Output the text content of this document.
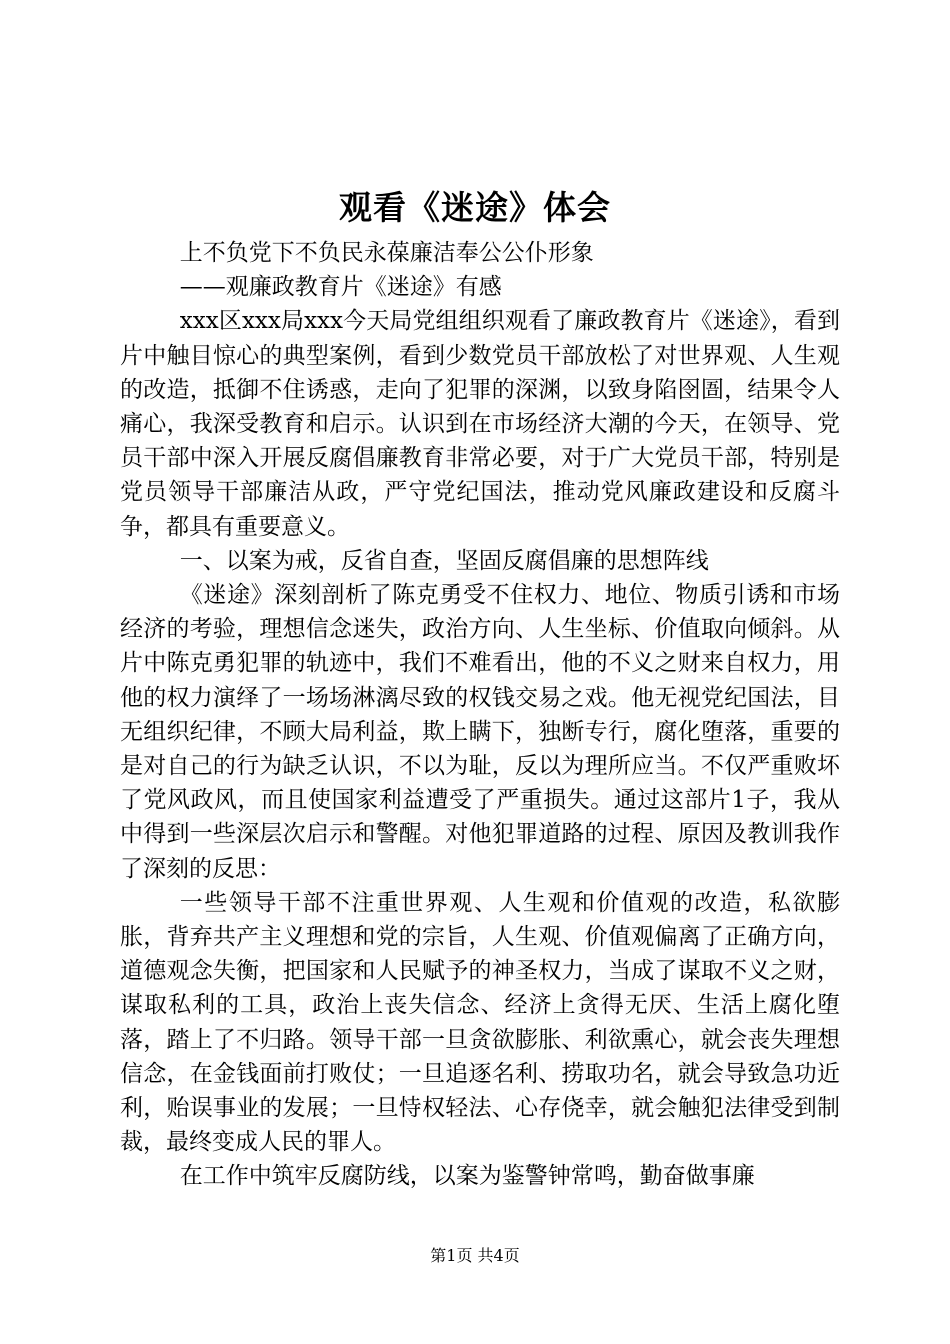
观看《迷途》体会

上不负党下不负民永葆廉洁奉公公仆形象

——观廉政教育片《迷途》有感

xxx区xxx局xxx今天局党组组织观看了廉政教育片《迷途》，看到片中触目惊心的典型案例，看到少数党员干部放松了对世界观、人生观的改造，抵御不住诱惑，走向了犯罪的深渊，以致身陷囹圄，结果令人痛心，我深受教育和启示。认识到在市场经济大潮的今天，在领导、党员干部中深入开展反腐倡廉教育非常必要，对于广大党员干部，特别是党员领导干部廉洁从政，严守党纪国法，推动党风廉政建设和反腐斗争，都具有重要意义。

一、以案为戒，反省自查，坚固反腐倡廉的思想阵线

《迷途》深刻剖析了陈克勇受不住权力、地位、物质引诱和市场经济的考验，理想信念迷失，政治方向、人生坐标、价值取向倾斜。从片中陈克勇犯罪的轨迹中，我们不难看出，他的不义之财来自权力，用他的权力演绎了一场场淋漓尽致的权钱交易之戏。他无视党纪国法，目无组织纪律，不顾大局利益，欺上瞒下，独断专行，腐化堕落，重要的是对自己的行为缺乏认识，不以为耻，反以为理所应当。不仅严重败坏了党风政风，而且使国家利益遭受了严重损失。通过这部片1子，我从中得到一些深层次启示和警醒。对他犯罪道路的过程、原因及教训我作了深刻的反思：

一些领导干部不注重世界观、人生观和价值观的改造，私欲膨胀，背弃共产主义理想和党的宗旨，人生观、价值观偏离了正确方向，道德观念失衡，把国家和人民赋予的神圣权力，当成了谋取不义之财，谋取私利的工具，政治上丧失信念、经济上贪得无厌、生活上腐化堕落，踏上了不归路。领导干部一旦贪欲膨胀、利欲熏心，就会丧失理想信念，在金钱面前打败仗；一旦追逐名利、捞取功名，就会导致急功近利，贻误事业的发展；一旦恃权轻法、心存侥幸，就会触犯法律受到制裁，最终变成人民的罪人。

在工作中筑牢反腐防线，以案为鉴警钟常鸣，勤奋做事廉

第1页 共4页
